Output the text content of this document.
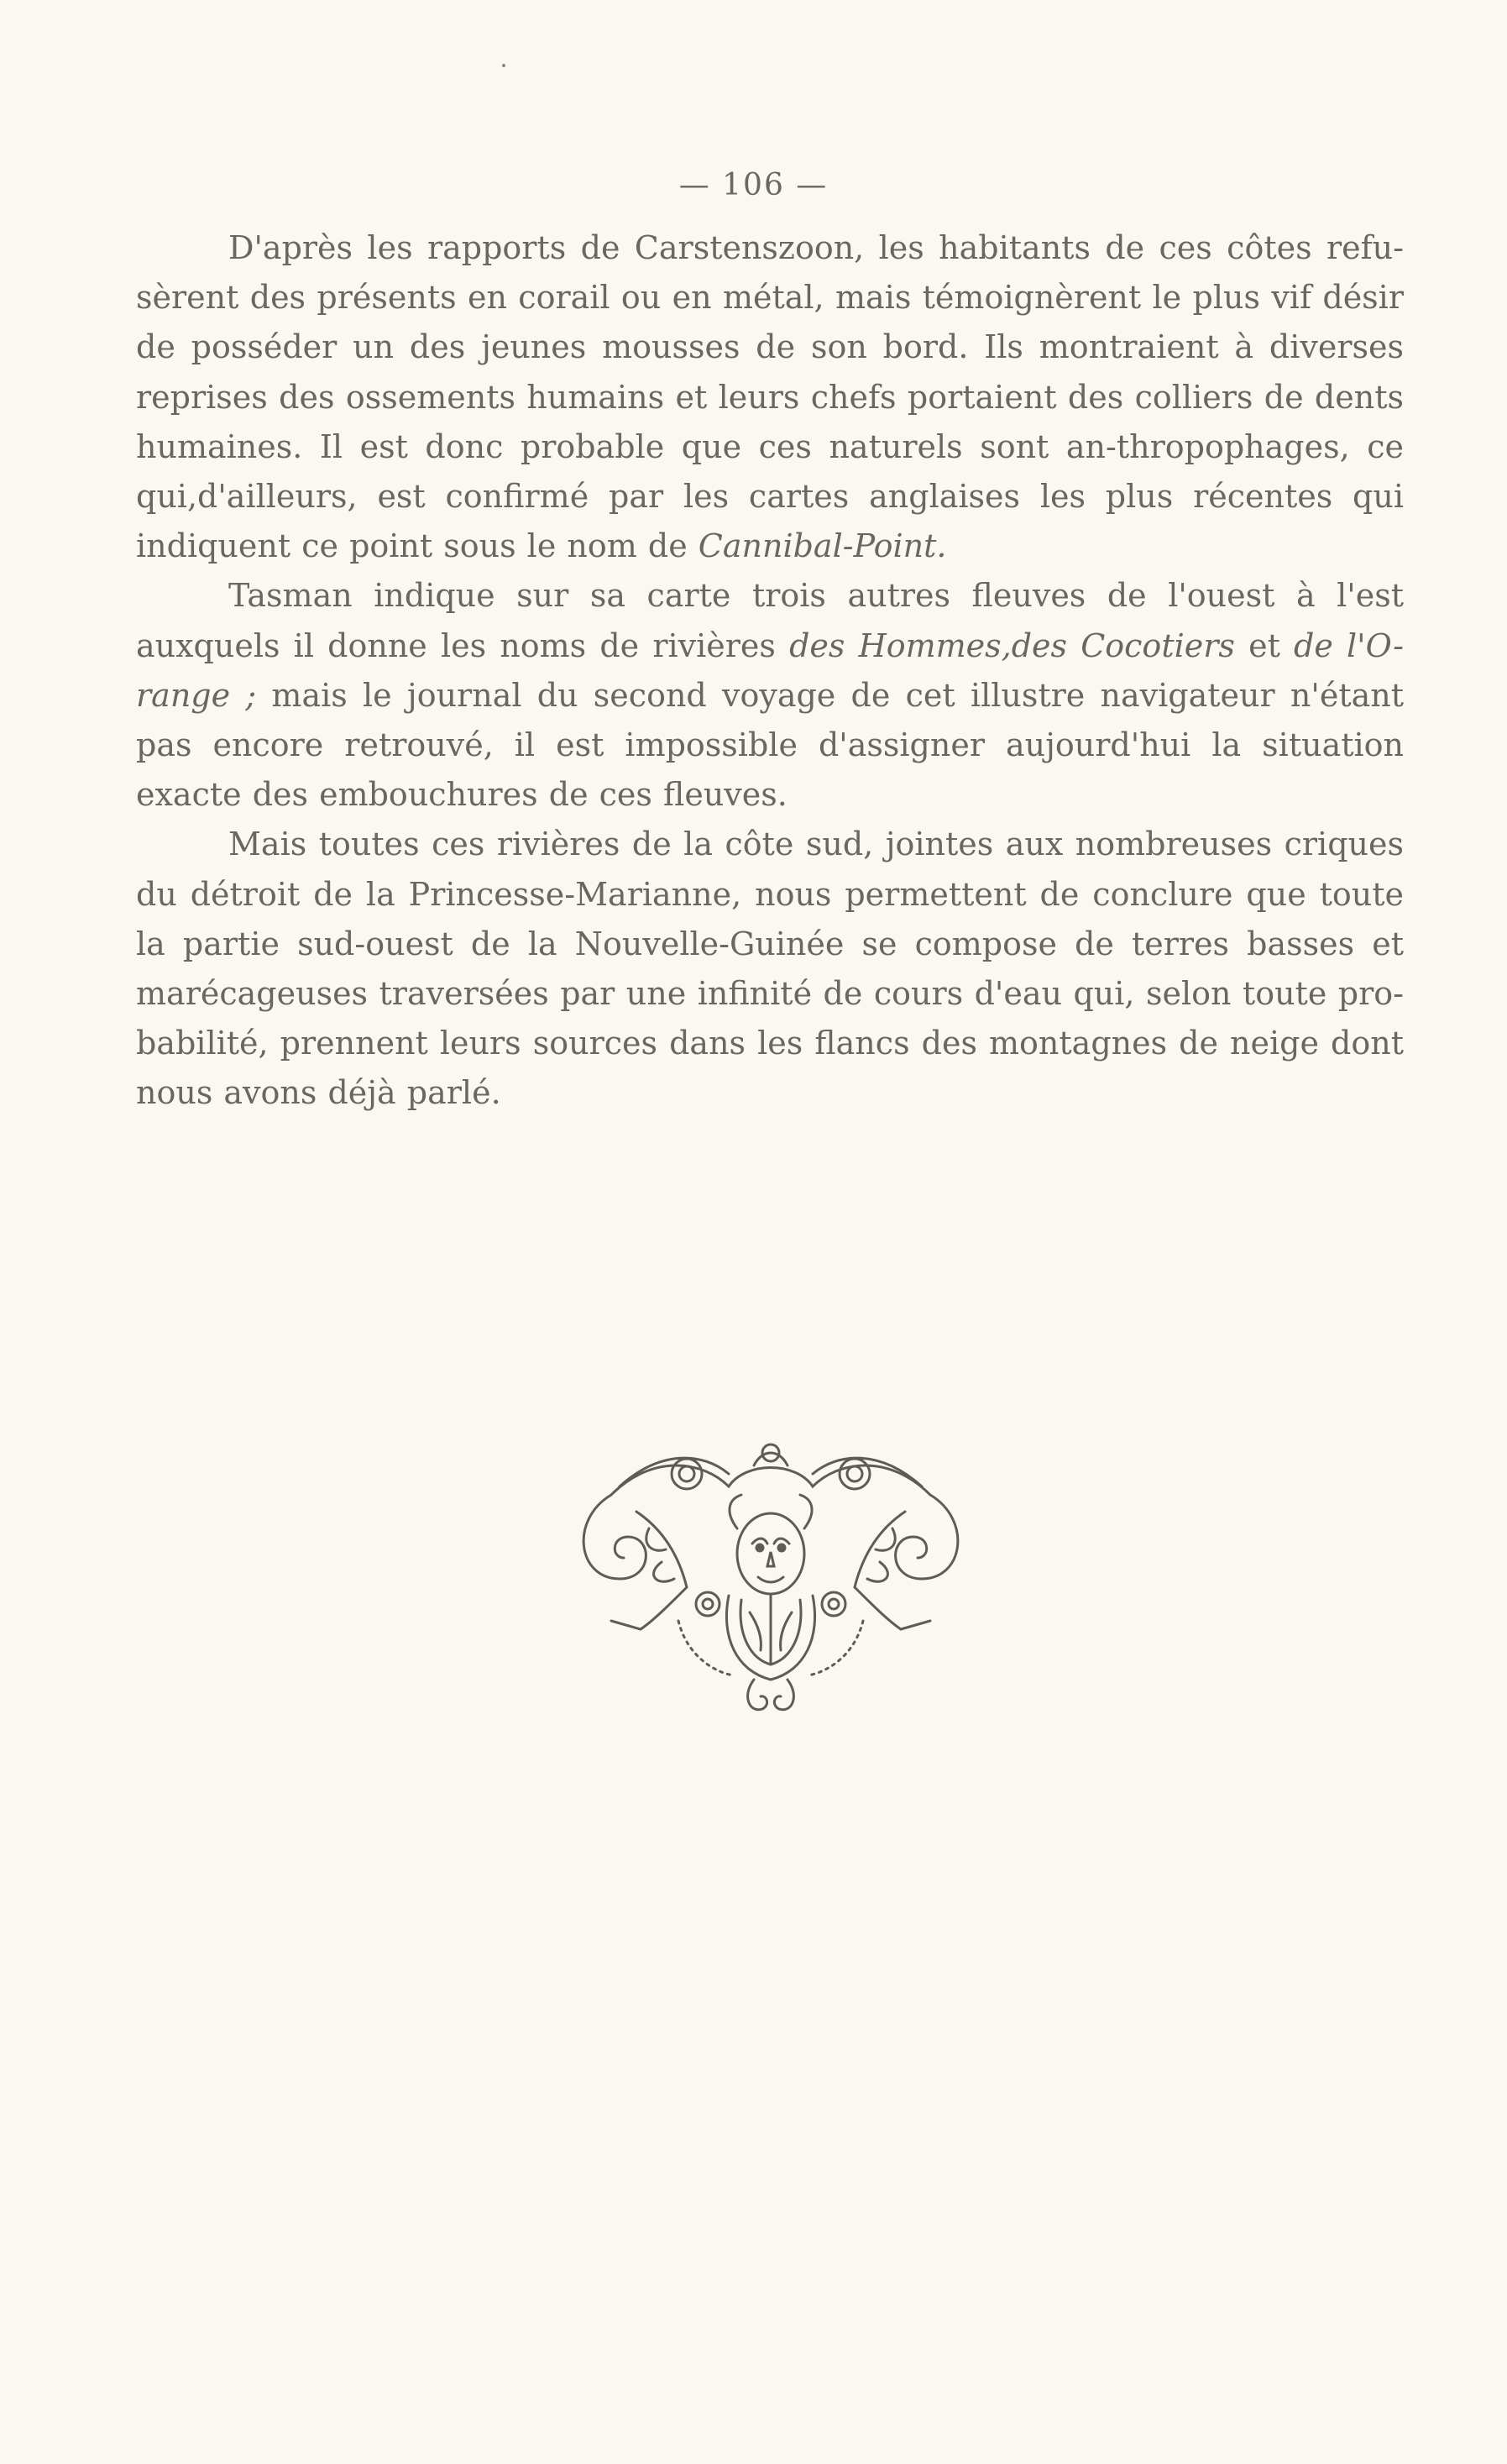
— 106 —

D'après les rapports de Carstenszoon, les habitants de ces côtes refu-sèrent des présents en corail ou en métal, mais témoignèrent le plus vif désir de posséder un des jeunes mousses de son bord. Ils montraient à diverses reprises des ossements humains et leurs chefs portaient des colliers de dents humaines. Il est donc probable que ces naturels sont an-thropophages, ce qui,d'ailleurs, est confirmé par les cartes anglaises les plus récentes qui indiquent ce point sous le nom de Cannibal-Point.

Tasman indique sur sa carte trois autres fleuves de l'ouest à l'est auxquels il donne les noms de rivières des Hommes,des Cocotiers et de l'O-range ; mais le journal du second voyage de cet illustre navigateur n'étant pas encore retrouvé, il est impossible d'assigner aujourd'hui la situation exacte des embouchures de ces fleuves.

Mais toutes ces rivières de la côte sud, jointes aux nombreuses criques du détroit de la Princesse-Marianne, nous permettent de conclure que toute la partie sud-ouest de la Nouvelle-Guinée se compose de terres basses et marécageuses traversées par une infinité de cours d'eau qui, selon toute pro-babilité, prennent leurs sources dans les flancs des montagnes de neige dont nous avons déjà parlé.
